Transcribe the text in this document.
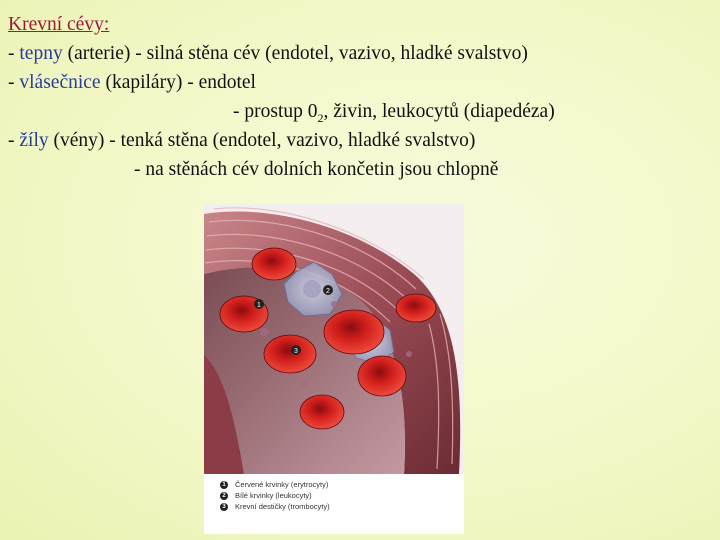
Krevní cévy:
- tepny (arterie) - silná stěna cév (endotel, vazivo, hladké svalstvo)
- vlásečnice (kapiláry) - endotel
- prostup $0_2$, živin, leukocytů (diapedéza)
- žíly (vény) - tenká stěna (endotel, vazivo, hladké svalstvo)
- na stěnách cév dolních končetin jsou chlopně
1
2
3
1	Červené krvinky (erytrocyty)
2	Bílé krvinky (leukocyty)
3	Krevní destičky (trombocyty)
